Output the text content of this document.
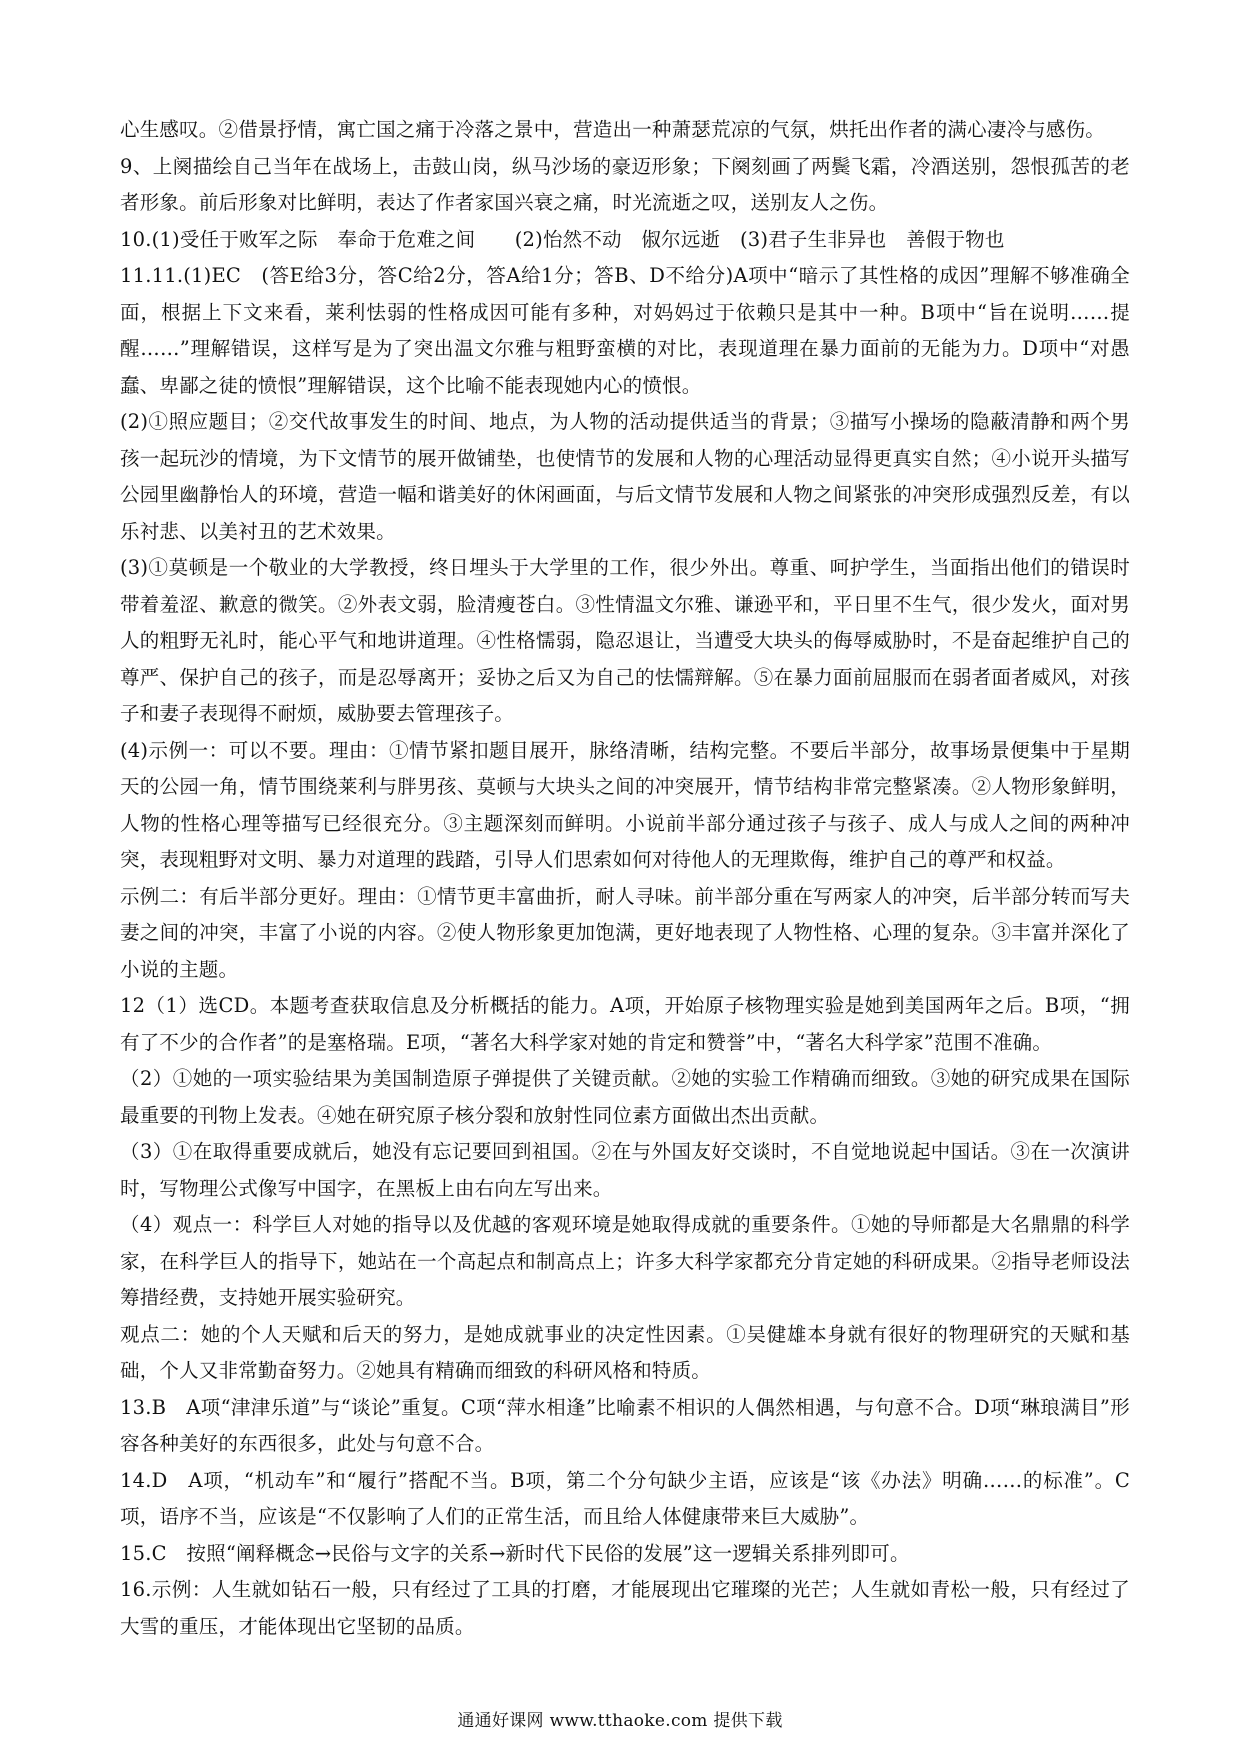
心生感叹。②借景抒情，寓亡国之痛于冷落之景中，营造出一种萧瑟荒凉的气氛，烘托出作者的满心凄冷与感伤。

9、上阕描绘自己当年在战场上，击鼓山岗，纵马沙场的豪迈形象；下阕刻画了两鬓飞霜，冷酒送别，怨恨孤苦的老者形象。前后形象对比鲜明，表达了作者家国兴衰之痛，时光流逝之叹，送别友人之伤。

10.(1)受任于败军之际　奉命于危难之间　　(2)怡然不动　俶尔远逝　(3)君子生非异也　善假于物也

11.11.(1)EC　(答E给3分，答C给2分，答A给1分；答B、D不给分)A项中“暗示了其性格的成因”理解不够准确全面，根据上下文来看，莱利怯弱的性格成因可能有多种，对妈妈过于依赖只是其中一种。B项中“旨在说明……提醒……”理解错误，这样写是为了突出温文尔雅与粗野蛮横的对比，表现道理在暴力面前的无能为力。D项中“对愚蠢、卑鄙之徒的愤恨”理解错误，这个比喻不能表现她内心的愤恨。

(2)①照应题目；②交代故事发生的时间、地点，为人物的活动提供适当的背景；③描写小操场的隐蔽清静和两个男孩一起玩沙的情境，为下文情节的展开做铺垫，也使情节的发展和人物的心理活动显得更真实自然；④小说开头描写公园里幽静怡人的环境，营造一幅和谐美好的休闲画面，与后文情节发展和人物之间紧张的冲突形成强烈反差，有以乐衬悲、以美衬丑的艺术效果。

(3)①莫顿是一个敬业的大学教授，终日埋头于大学里的工作，很少外出。尊重、呵护学生，当面指出他们的错误时带着羞涩、歉意的微笑。②外表文弱，脸清瘦苍白。③性情温文尔雅、谦逊平和，平日里不生气，很少发火，面对男人的粗野无礼时，能心平气和地讲道理。④性格懦弱，隐忍退让，当遭受大块头的侮辱威胁时，不是奋起维护自己的尊严、保护自己的孩子，而是忍辱离开；妥协之后又为自己的怯懦辩解。⑤在暴力面前屈服而在弱者面者威风，对孩子和妻子表现得不耐烦，威胁要去管理孩子。

(4)示例一：可以不要。理由：①情节紧扣题目展开，脉络清晰，结构完整。不要后半部分，故事场景便集中于星期天的公园一角，情节围绕莱利与胖男孩、莫顿与大块头之间的冲突展开，情节结构非常完整紧凑。②人物形象鲜明，人物的性格心理等描写已经很充分。③主题深刻而鲜明。小说前半部分通过孩子与孩子、成人与成人之间的两种冲突，表现粗野对文明、暴力对道理的践踏，引导人们思索如何对待他人的无理欺侮，维护自己的尊严和权益。

示例二：有后半部分更好。理由：①情节更丰富曲折，耐人寻味。前半部分重在写两家人的冲突，后半部分转而写夫妻之间的冲突，丰富了小说的内容。②使人物形象更加饱满，更好地表现了人物性格、心理的复杂。③丰富并深化了小说的主题。

12（1）选CD。本题考查获取信息及分析概括的能力。A项，开始原子核物理实验是她到美国两年之后。B项，“拥有了不少的合作者”的是塞格瑞。E项，“著名大科学家对她的肯定和赞誉”中，“著名大科学家”范围不准确。

（2）①她的一项实验结果为美国制造原子弹提供了关键贡献。②她的实验工作精确而细致。③她的研究成果在国际最重要的刊物上发表。④她在研究原子核分裂和放射性同位素方面做出杰出贡献。

（3）①在取得重要成就后，她没有忘记要回到祖国。②在与外国友好交谈时，不自觉地说起中国话。③在一次演讲时，写物理公式像写中国字，在黑板上由右向左写出来。

（4）观点一：科学巨人对她的指导以及优越的客观环境是她取得成就的重要条件。①她的导师都是大名鼎鼎的科学家，在科学巨人的指导下，她站在一个高起点和制高点上；许多大科学家都充分肯定她的科研成果。②指导老师设法筹措经费，支持她开展实验研究。

观点二：她的个人天赋和后天的努力，是她成就事业的决定性因素。①吴健雄本身就有很好的物理研究的天赋和基础，个人又非常勤奋努力。②她具有精确而细致的科研风格和特质。

13.B　A项“津津乐道”与“谈论”重复。C项“萍水相逢”比喻素不相识的人偶然相遇，与句意不合。D项“琳琅满目”形容各种美好的东西很多，此处与句意不合。

14.D　A项，“机动车”和“履行”搭配不当。B项，第二个分句缺少主语，应该是“该《办法》明确……的标准”。C项，语序不当，应该是“不仅影响了人们的正常生活，而且给人体健康带来巨大威胁”。

15.C　按照“阐释概念→民俗与文字的关系→新时代下民俗的发展”这一逻辑关系排列即可。

16.示例：人生就如钻石一般，只有经过了工具的打磨，才能展现出它璀璨的光芒；人生就如青松一般，只有经过了大雪的重压，才能体现出它坚韧的品质。

通通好课网 www.tthaoke.com 提供下载
